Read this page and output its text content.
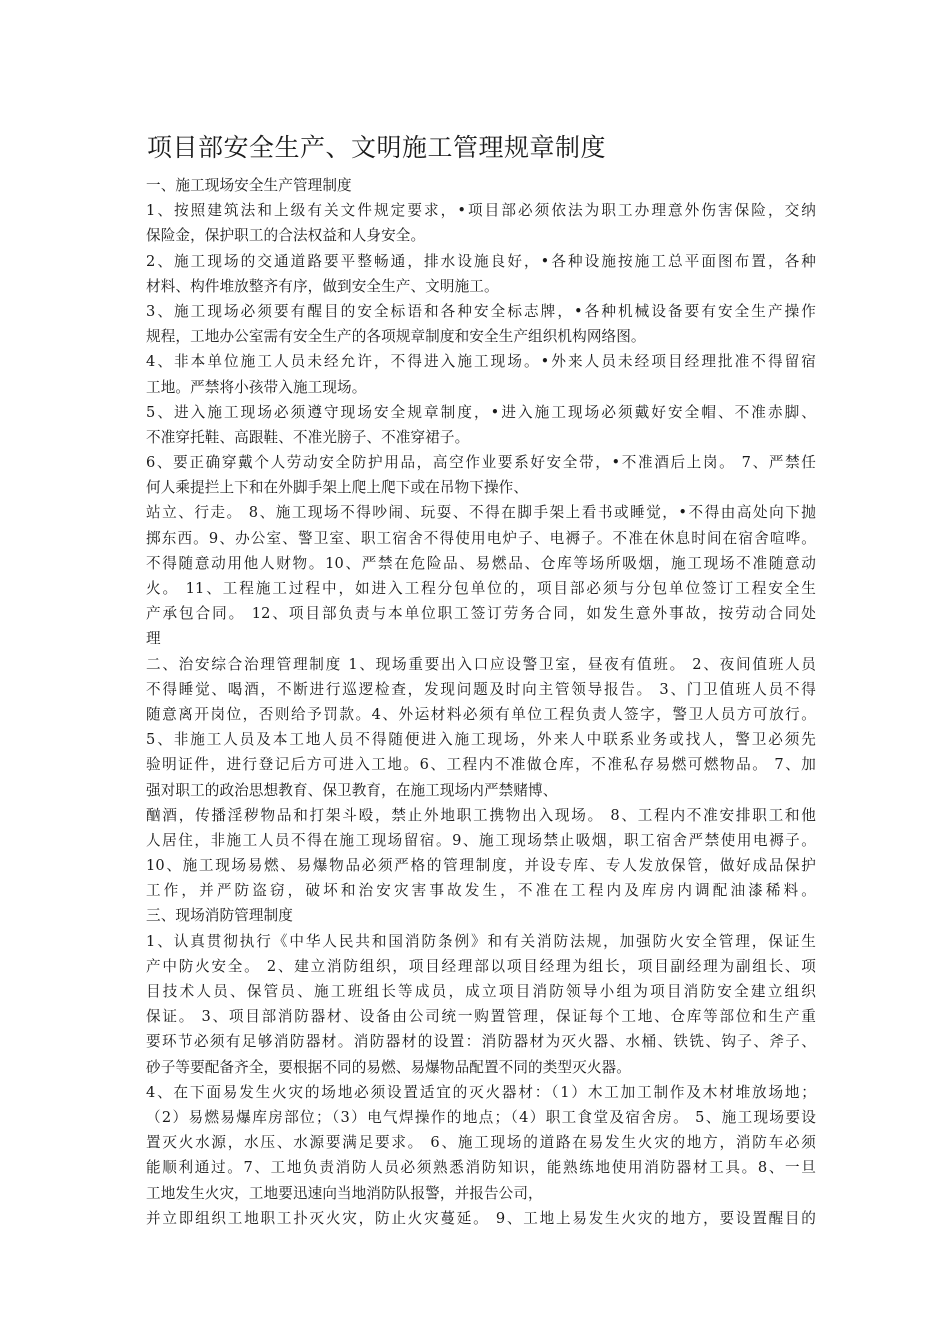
项目部安全生产、文明施工管理规章制度
一、施工现场安全生产管理制度
1、按照建筑法和上级有关文件规定要求，•项目部必须依法为职工办理意外伤害保险，交纳
保险金，保护职工的合法权益和人身安全。
2、施工现场的交通道路要平整畅通，排水设施良好，•各种设施按施工总平面图布置，各种
材料、构件堆放整齐有序，做到安全生产、文明施工。
3、施工现场必须要有醒目的安全标语和各种安全标志牌，•各种机械设备要有安全生产操作
规程，工地办公室需有安全生产的各项规章制度和安全生产组织机构网络图。
4、非本单位施工人员未经允许，不得进入施工现场。•外来人员未经项目经理批准不得留宿
工地。严禁将小孩带入施工现场。
5、进入施工现场必须遵守现场安全规章制度，•进入施工现场必须戴好安全帽、不准赤脚、
不准穿托鞋、高跟鞋、不准光膀子、不准穿裙子。
6、要正确穿戴个人劳动安全防护用品，高空作业要系好安全带，•不准酒后上岗。 7、严禁任
何人乘提拦上下和在外脚手架上爬上爬下或在吊物下操作、
站立、行走。 8、施工现场不得吵闹、玩耍、不得在脚手架上看书或睡觉，•不得由高处向下抛
掷东西。9、办公室、警卫室、职工宿舍不得使用电炉子、电褥子。不准在休息时间在宿舍喧哗。
不得随意动用他人财物。10、严禁在危险品、易燃品、仓库等场所吸烟，施工现场不准随意动
火。 11、工程施工过程中，如进入工程分包单位的，项目部必须与分包单位签订工程安全生
产承包合同。 12、项目部负责与本单位职工签订劳务合同，如发生意外事故，按劳动合同处
理
二、治安综合治理管理制度 1、现场重要出入口应设警卫室，昼夜有值班。 2、夜间值班人员
不得睡觉、喝酒，不断进行巡逻检查，发现问题及时向主管领导报告。 3、门卫值班人员不得
随意离开岗位，否则给予罚款。4、外运材料必须有单位工程负责人签字，警卫人员方可放行。
5、非施工人员及本工地人员不得随便进入施工现场，外来人中联系业务或找人，警卫必须先
验明证件，进行登记后方可进入工地。6、工程内不准做仓库，不准私存易燃可燃物品。 7、加
强对职工的政治思想教育、保卫教育，在施工现场内严禁赌博、
酗酒，传播淫秽物品和打架斗殴，禁止外地职工携物出入现场。 8、工程内不准安排职工和他
人居住，非施工人员不得在施工现场留宿。9、施工现场禁止吸烟，职工宿舍严禁使用电褥子。
10、施工现场易燃、易爆物品必须严格的管理制度，并设专库、专人发放保管，做好成品保护
工作，并严防盗窃，破坏和治安灾害事故发生，不准在工程内及库房内调配油漆稀料。
三、现场消防管理制度
1、认真贯彻执行《中华人民共和国消防条例》和有关消防法规，加强防火安全管理，保证生
产中防火安全。 2、建立消防组织，项目经理部以项目经理为组长，项目副经理为副组长、项
目技术人员、保管员、施工班组长等成员，成立项目消防领导小组为项目消防安全建立组织
保证。 3、项目部消防器材、设备由公司统一购置管理，保证每个工地、仓库等部位和生产重
要环节必须有足够消防器材。消防器材的设置：消防器材为灭火器、水桶、铁铣、钩子、斧子、
砂子等要配备齐全，要根据不同的易燃、易爆物品配置不同的类型灭火器。
4、在下面易发生火灾的场地必须设置适宜的灭火器材：（1）木工加工制作及木材堆放场地；
（2）易燃易爆库房部位；（3）电气焊操作的地点；（4）职工食堂及宿舍房。 5、施工现场要设
置灭火水源，水压、水源要满足要求。 6、施工现场的道路在易发生火灾的地方，消防车必须
能顺利通过。7、工地负责消防人员必须熟悉消防知识，能熟练地使用消防器材工具。8、一旦
工地发生火灾，工地要迅速向当地消防队报警，并报告公司，
并立即组织工地职工扑灭火灾，防止火灾蔓延。 9、工地上易发生火灾的地方，要设置醒目的
